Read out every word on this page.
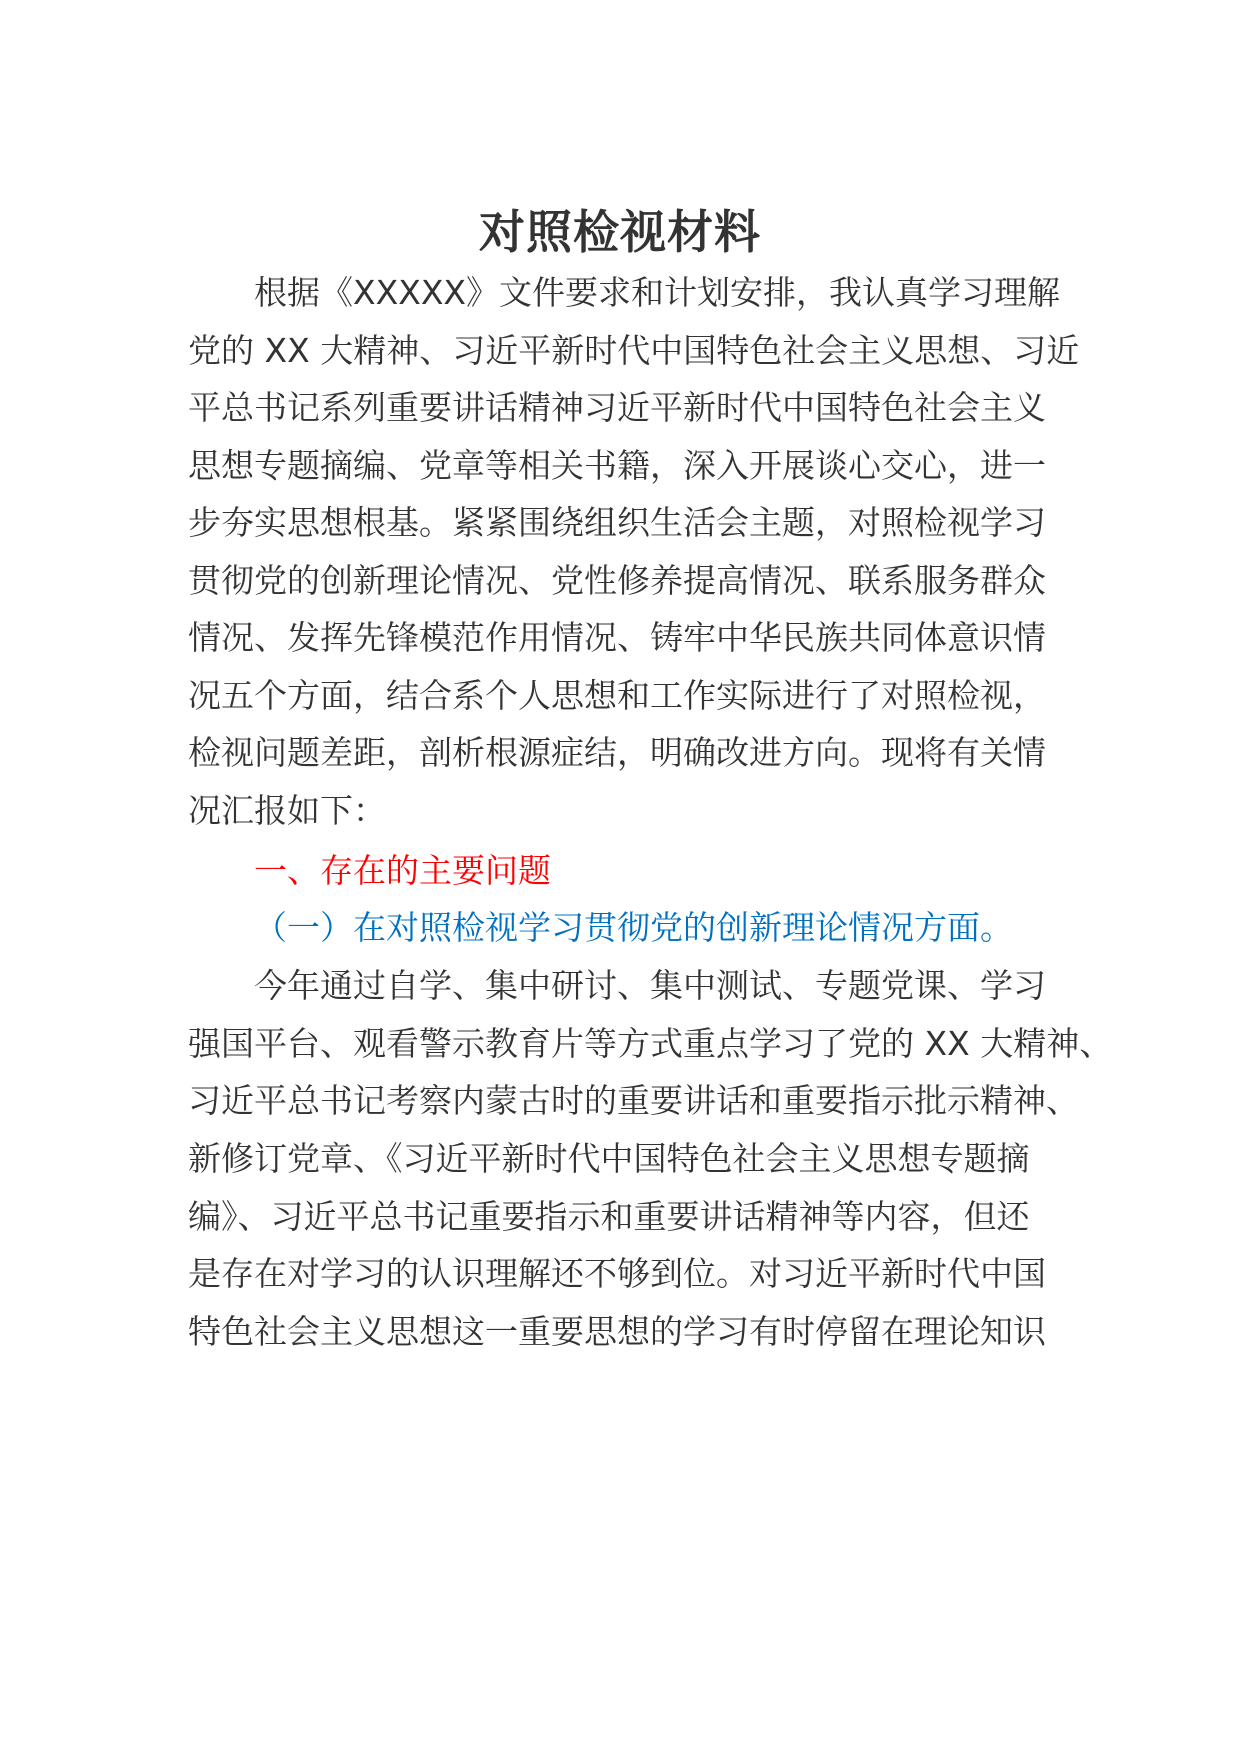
对照检视材料
根据《XXXXX》文件要求和计划安排，我认真学习理解
党的 XX 大精神、习近平新时代中国特色社会主义思想、习近
平总书记系列重要讲话精神习近平新时代中国特色社会主义
思想专题摘编、党章等相关书籍，深入开展谈心交心，进一
步夯实思想根基。紧紧围绕组织生活会主题，对照检视学习
贯彻党的创新理论情况、党性修养提高情况、联系服务群众
情况、发挥先锋模范作用情况、铸牢中华民族共同体意识情
况五个方面，结合系个人思想和工作实际进行了对照检视，
检视问题差距，剖析根源症结，明确改进方向。现将有关情
况汇报如下：
一、存在的主要问题
（一）在对照检视学习贯彻党的创新理论情况方面。
今年通过自学、集中研讨、集中测试、专题党课、学习
强国平台、观看警示教育片等方式重点学习了党的 XX 大精神、
习近平总书记考察内蒙古时的重要讲话和重要指示批示精神、
新修订党章、《习近平新时代中国特色社会主义思想专题摘
编》、习近平总书记重要指示和重要讲话精神等内容，但还
是存在对学习的认识理解还不够到位。对习近平新时代中国
特色社会主义思想这一重要思想的学习有时停留在理论知识
